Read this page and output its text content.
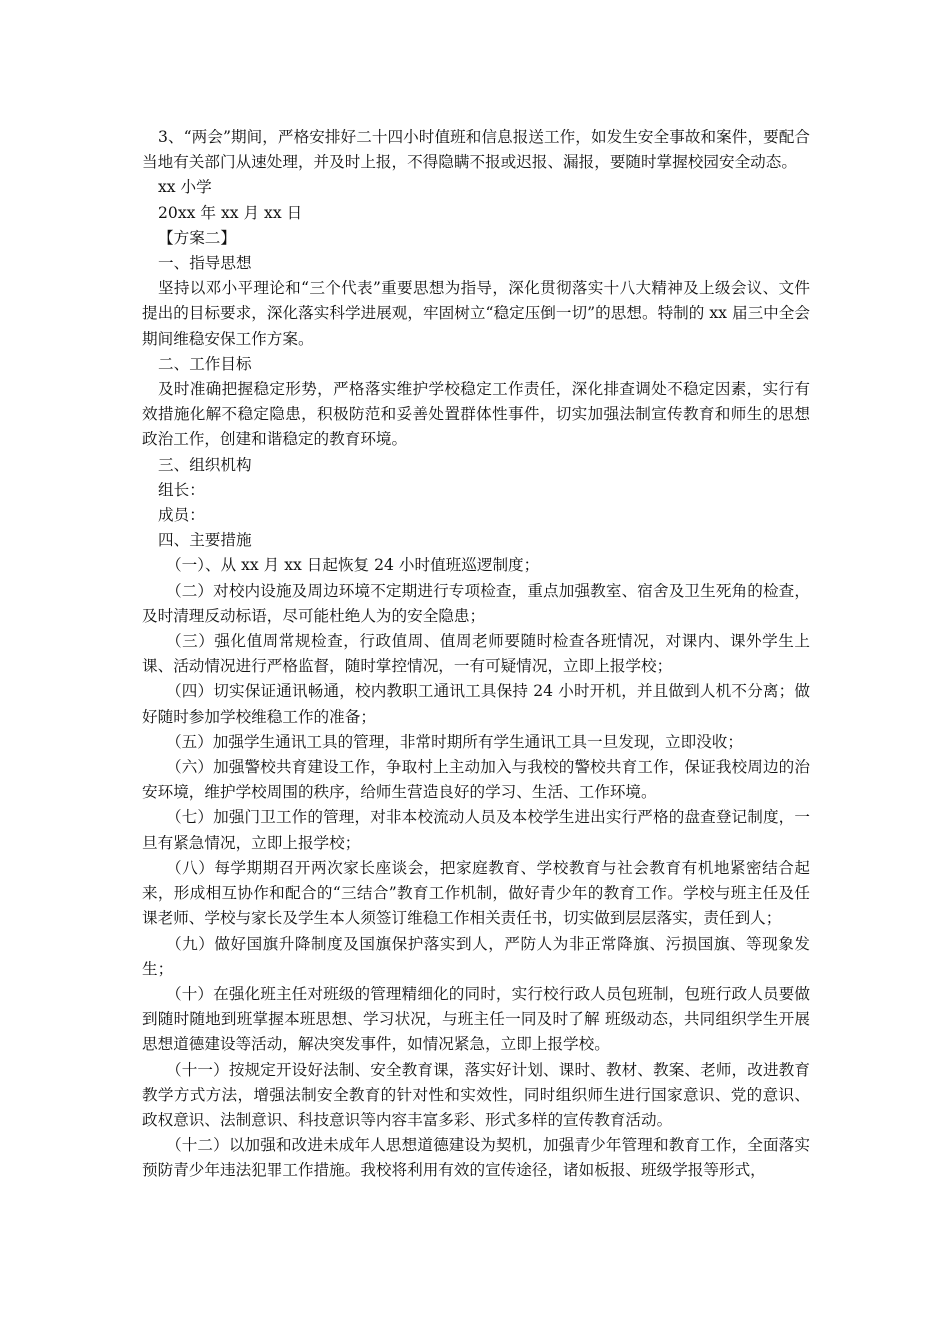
3、“两会”期间，严格安排好二十四小时值班和信息报送工作，如发生安全事故和案件，要配合当地有关部门从速处理，并及时上报，不得隐瞒不报或迟报、漏报，要随时掌握校园安全动态。

xx 小学

20xx 年 xx 月 xx 日

【方案二】

一、指导思想

坚持以邓小平理论和“三个代表”重要思想为指导，深化贯彻落实十八大精神及上级会议、文件提出的目标要求，深化落实科学进展观，牢固树立“稳定压倒一切”的思想。特制的 xx 届三中全会期间维稳安保工作方案。

二、工作目标

及时准确把握稳定形势，严格落实维护学校稳定工作责任，深化排查调处不稳定因素，实行有效措施化解不稳定隐患，积极防范和妥善处置群体性事件，切实加强法制宣传教育和师生的思想政治工作，创建和谐稳定的教育环境。

三、组织机构

组长：

成员：

四、主要措施

（一）、从 xx 月 xx 日起恢复 24 小时值班巡逻制度；

（二）对校内设施及周边环境不定期进行专项检查，重点加强教室、宿舍及卫生死角的检查，及时清理反动标语，尽可能杜绝人为的安全隐患；

（三）强化值周常规检查，行政值周、值周老师要随时检查各班情况，对课内、课外学生上课、活动情况进行严格监督，随时掌控情况，一有可疑情况，立即上报学校；

（四）切实保证通讯畅通，校内教职工通讯工具保持 24 小时开机，并且做到人机不分离；做好随时参加学校维稳工作的准备；

（五）加强学生通讯工具的管理，非常时期所有学生通讯工具一旦发现，立即没收；

（六）加强警校共育建设工作，争取村上主动加入与我校的警校共育工作，保证我校周边的治安环境，维护学校周围的秩序，给师生营造良好的学习、生活、工作环境。

（七）加强门卫工作的管理，对非本校流动人员及本校学生进出实行严格的盘查登记制度，一旦有紧急情况，立即上报学校；

（八）每学期期召开两次家长座谈会，把家庭教育、学校教育与社会教育有机地紧密结合起来，形成相互协作和配合的“三结合”教育工作机制，做好青少年的教育工作。学校与班主任及任课老师、学校与家长及学生本人须签订维稳工作相关责任书，切实做到层层落实，责任到人；

（九）做好国旗升降制度及国旗保护落实到人，严防人为非正常降旗、污损国旗、等现象发生；

（十）在强化班主任对班级的管理精细化的同时，实行校行政人员包班制，包班行政人员要做到随时随地到班掌握本班思想、学习状况，与班主任一同及时了解 班级动态，共同组织学生开展思想道德建设等活动，解决突发事件，如情况紧急，立即上报学校。

（十一）按规定开设好法制、安全教育课，落实好计划、课时、教材、教案、老师，改进教育教学方式方法，增强法制安全教育的针对性和实效性，同时组织师生进行国家意识、党的意识、政权意识、法制意识、科技意识等内容丰富多彩、形式多样的宣传教育活动。

（十二）以加强和改进未成年人思想道德建设为契机，加强青少年管理和教育工作，全面落实预防青少年违法犯罪工作措施。我校将利用有效的宣传途径，诸如板报、班级学报等形式，
